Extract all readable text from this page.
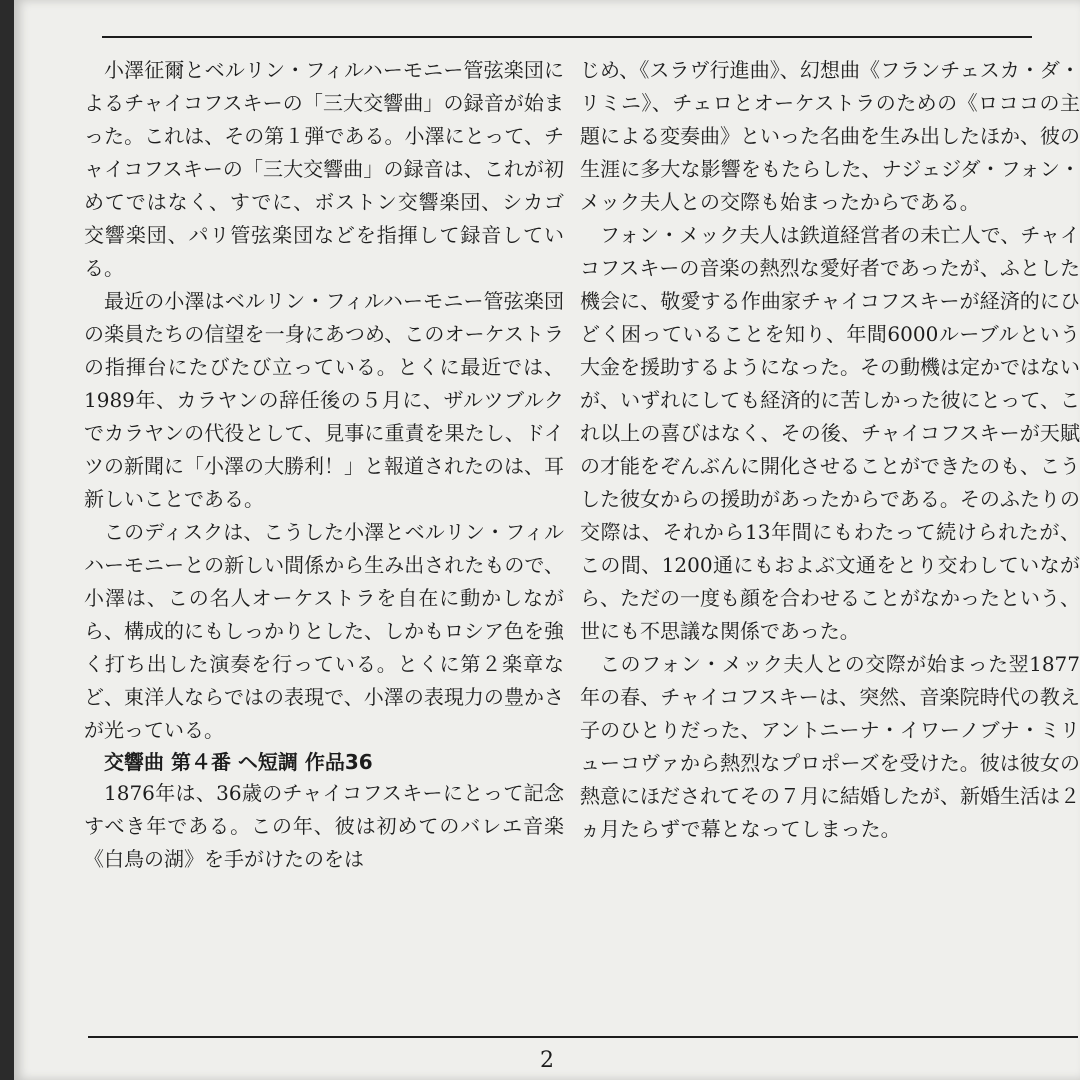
小澤征爾とベルリン・フィルハーモニー管弦楽団によるチャイコフスキーの「三大交響曲」の録音が始まった。これは、その第１弾である。小澤にとって、チャイコフスキーの「三大交響曲」の録音は、これが初めてではなく、すでに、ボストン交響楽団、シカゴ交響楽団、パリ管弦楽団などを指揮して録音している。

最近の小澤はベルリン・フィルハーモニー管弦楽団の楽員たちの信望を一身にあつめ、このオーケストラの指揮台にたびたび立っている。とくに最近では、1989年、カラヤンの辞任後の５月に、ザルツブルクでカラヤンの代役として、見事に重責を果たし、ドイツの新聞に「小澤の大勝利！」と報道されたのは、耳新しいことである。

このディスクは、こうした小澤とベルリン・フィルハーモニーとの新しい間係から生み出されたもので、小澤は、この名人オーケストラを自在に動かしながら、構成的にもしっかりとした、しかもロシア色を強く打ち出した演奏を行っている。とくに第２楽章など、東洋人ならではの表現で、小澤の表現力の豊かさが光っている。

交響曲 第４番 ヘ短調 作品36

1876年は、36歳のチャイコフスキーにとって記念すべき年である。この年、彼は初めてのバレエ音楽《白鳥の湖》を手がけたのをは

じめ、《スラヴ行進曲》、幻想曲《フランチェスカ・ダ・リミニ》、チェロとオーケストラのための《ロココの主題による変奏曲》といった名曲を生み出したほか、彼の生涯に多大な影響をもたらした、ナジェジダ・フォン・メック夫人との交際も始まったからである。

フォン・メック夫人は鉄道経営者の未亡人で、チャイコフスキーの音楽の熱烈な愛好者であったが、ふとした機会に、敬愛する作曲家チャイコフスキーが経済的にひどく困っていることを知り、年間6000ルーブルという大金を援助するようになった。その動機は定かではないが、いずれにしても経済的に苦しかった彼にとって、これ以上の喜びはなく、その後、チャイコフスキーが天賦の才能をぞんぶんに開化させることができたのも、こうした彼女からの援助があったからである。そのふたりの交際は、それから13年間にもわたって続けられたが、この間、1200通にもおよぶ文通をとり交わしていながら、ただの一度も顔を合わせることがなかったという、世にも不思議な関係であった。

このフォン・メック夫人との交際が始まった翌1877年の春、チャイコフスキーは、突然、音楽院時代の教え子のひとりだった、アントニーナ・イワーノブナ・ミリューコヴァから熱烈なプロポーズを受けた。彼は彼女の熱意にほだされてその７月に結婚したが、新婚生活は２ヵ月たらずで幕となってしまった。

2
